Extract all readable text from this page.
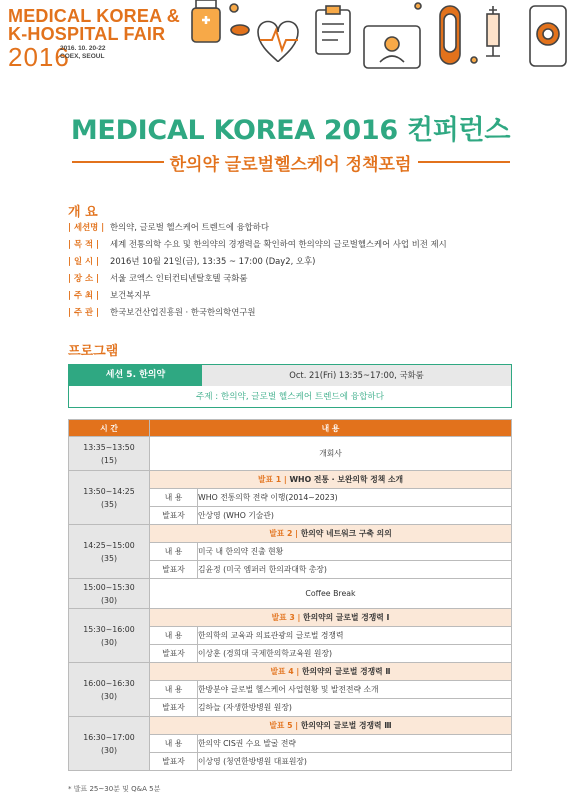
MEDICAL KOREA &
K-HOSPITAL FAIR
2016
2016. 10. 20-22
COEX, SEOUL
MEDICAL KOREA 2016 컨퍼런스
한의약 글로벌헬스케어 정책포럼
개 요
| 세션명 | 한의약, 글로벌 헬스케어 트렌드에 융합하다
| 목 적 | 세계 전통의학 수요 및 한의약의 경쟁력을 확인하여 한의약의 글로벌헬스케어 사업 비전 제시
| 일 시 | 2016년 10월 21일(금), 13:35 ~ 17:00 (Day2, 오후)
| 장 소 | 서울 코엑스 인터컨티넨탈호텔 국화룸
| 주 최 | 보건복지부
| 주 관 | 한국보건산업진흥원 · 한국한의학연구원
프로그램
세션 5. 한의약	Oct. 21(Fri) 13:35~17:00, 국화룸
주제 : 한의약, 글로벌 헬스케어 트렌드에 융합하다
시 간	내 용	

13:35~13:50
(15)	개회사	

13:50~14:25
(35)	발표 1 | WHO 전통 · 보완의학 정책 소개	
	내 용	WHO 전통의학 전략 이행(2014~2023)
	발표자	안상영 (WHO 기술관)

14:25~15:00
(35)	발표 2 | 한의약 네트워크 구축 의의	
	내 용	미국 내 한의약 진출 현황
	발표자	김윤정 (미국 엠퍼러 한의과대학 총장)

15:00~15:30
(30)	Coffee Break	

15:30~16:00
(30)	발표 3 | 한의약의 글로벌 경쟁력 Ⅰ	
	내 용	한의학의 교육과 의료관광의 글로벌 경쟁력
	발표자	이상훈 (경희대 국제한의학교육원 원장)

16:00~16:30
(30)	발표 4 | 한의약의 글로벌 경쟁력 Ⅱ	
	내 용	한방분야 글로벌 헬스케어 사업현황 및 발전전략 소개
	발표자	김하늘 (자생한방병원 원장)

16:30~17:00
(30)	발표 5 | 한의약의 글로벌 경쟁력 Ⅲ	
	내 용	한의약 CIS권 수요 발굴 전략
	발표자	이상영 (청연한방병원 대표원장)
* 발표 25~30분 및 Q&A 5분
